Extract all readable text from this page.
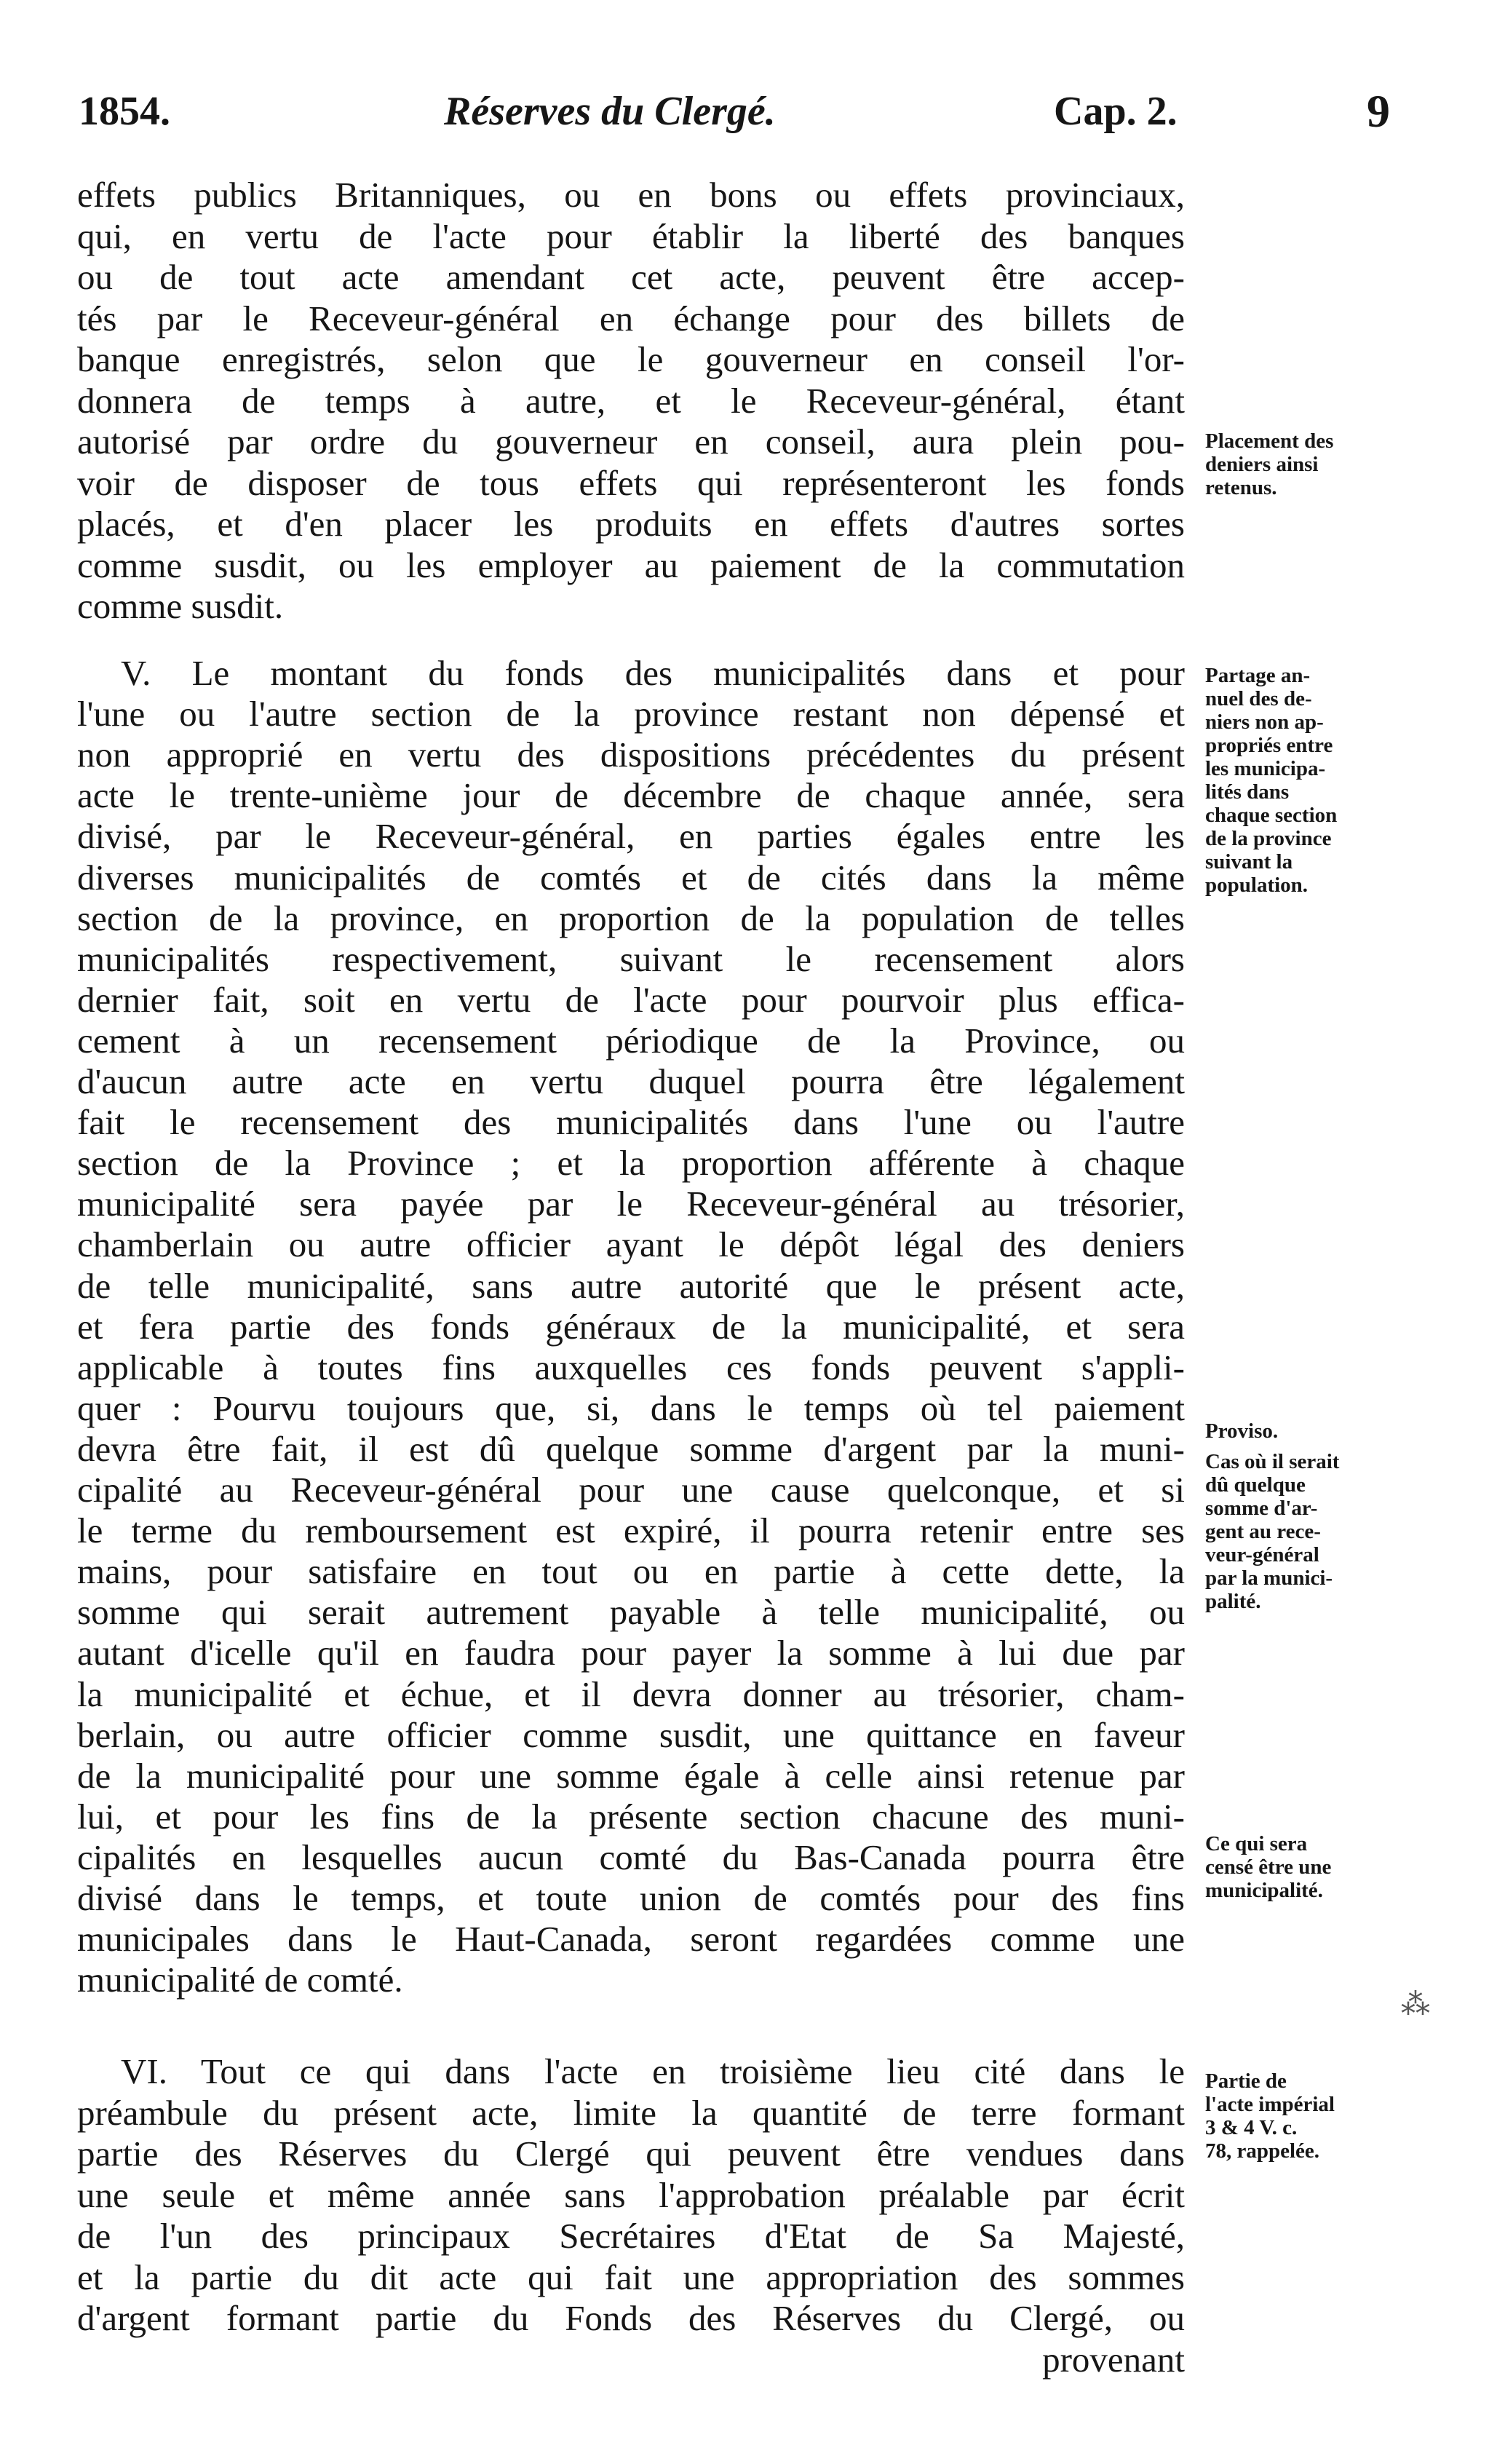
1854.	Réserves du Clergé.	Cap. 2.	9
effets publics Britanniques, ou en bons ou effets provinciaux,
qui, en vertu de l'acte pour établir la liberté des banques
ou de tout acte amendant cet acte, peuvent être accep-
tés par le Receveur-général en échange pour des billets de
banque enregistrés, selon que le gouverneur en conseil l'or-
donnera de temps à autre, et le Receveur-général, étant
autorisé par ordre du gouverneur en conseil, aura plein pou-
voir de disposer de tous effets qui représenteront les fonds
placés, et d'en placer les produits en effets d'autres sortes
comme susdit, ou les employer au paiement de la commutation
comme susdit.
V. Le montant du fonds des municipalités dans et pour
l'une ou l'autre section de la province restant non dépensé et
non approprié en vertu des dispositions précédentes du présent
acte le trente-unième jour de décembre de chaque année, sera
divisé, par le Receveur-général, en parties égales entre les
diverses municipalités de comtés et de cités dans la même
section de la province, en proportion de la population de telles
municipalités respectivement, suivant le recensement alors
dernier fait, soit en vertu de l'acte pour pourvoir plus effica-
cement à un recensement périodique de la Province, ou
d'aucun autre acte en vertu duquel pourra être légalement
fait le recensement des municipalités dans l'une ou l'autre
section de la Province ; et la proportion afférente à chaque
municipalité sera payée par le Receveur-général au trésorier,
chamberlain ou autre officier ayant le dépôt légal des deniers
de telle municipalité, sans autre autorité que le présent acte,
et fera partie des fonds généraux de la municipalité, et sera
applicable à toutes fins auxquelles ces fonds peuvent s'appli-
quer : Pourvu toujours que, si, dans le temps où tel paiement
devra être fait, il est dû quelque somme d'argent par la muni-
cipalité au Receveur-général pour une cause quelconque, et si
le terme du remboursement est expiré, il pourra retenir entre ses
mains, pour satisfaire en tout ou en partie à cette dette, la
somme qui serait autrement payable à telle municipalité, ou
autant d'icelle qu'il en faudra pour payer la somme à lui due par
la municipalité et échue, et il devra donner au trésorier, cham-
berlain, ou autre officier comme susdit, une quittance en faveur
de la municipalité pour une somme égale à celle ainsi retenue par
lui, et pour les fins de la présente section chacune des muni-
cipalités en lesquelles aucun comté du Bas-Canada pourra être
divisé dans le temps, et toute union de comtés pour des fins
municipales dans le Haut-Canada, seront regardées comme une
municipalité de comté.
VI. Tout ce qui dans l'acte en troisième lieu cité dans le
préambule du présent acte, limite la quantité de terre formant
partie des Réserves du Clergé qui peuvent être vendues dans
une seule et même année sans l'approbation préalable par écrit
de l'un des principaux Secrétaires d'Etat de Sa Majesté,
et la partie du dit acte qui fait une appropriation des sommes
d'argent formant partie du Fonds des Réserves du Clergé, ou
provenant
Placement des
deniers ainsi
retenus.
Partage an-
nuel des de-
niers non ap-
propriés entre
les municipa-
lités dans
chaque section
de la province
suivant la
population.
Proviso.
Cas où il serait
dû quelque
somme d'ar-
gent au rece-
veur-général
par la munici-
palité.
Ce qui sera
censé être une
municipalité.
Partie de
l'acte impérial
3 & 4 V. c.
78, rappelée.
⁂
